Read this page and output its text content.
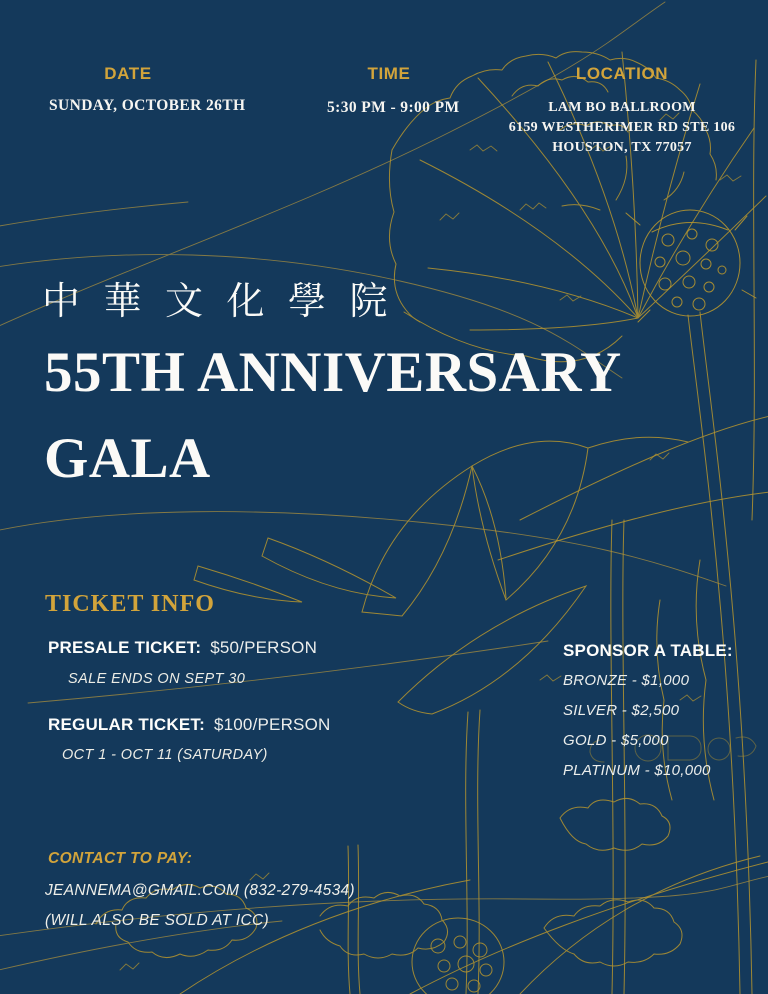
DATE
SUNDAY, OCTOBER 26TH
TIME
5:30 PM - 9:00 PM
LOCATION
LAM BO BALLROOM
6159 WESTHERIMER RD STE 106
HOUSTON, TX 77057
中 華 文 化 學 院
55TH ANNIVERSARY
GALA
TICKET INFO
PRESALE TICKET: $50/PERSON
SALE ENDS ON SEPT 30
REGULAR TICKET: $100/PERSON
OCT 1 - OCT 11 (SATURDAY)
SPONSOR A TABLE:
BRONZE - $1,000
SILVER - $2,500
GOLD - $5,000
PLATINUM - $10,000
CONTACT TO PAY:
JEANNEMA@GMAIL.COM (832-279-4534)
(WILL ALSO BE SOLD AT ICC)
